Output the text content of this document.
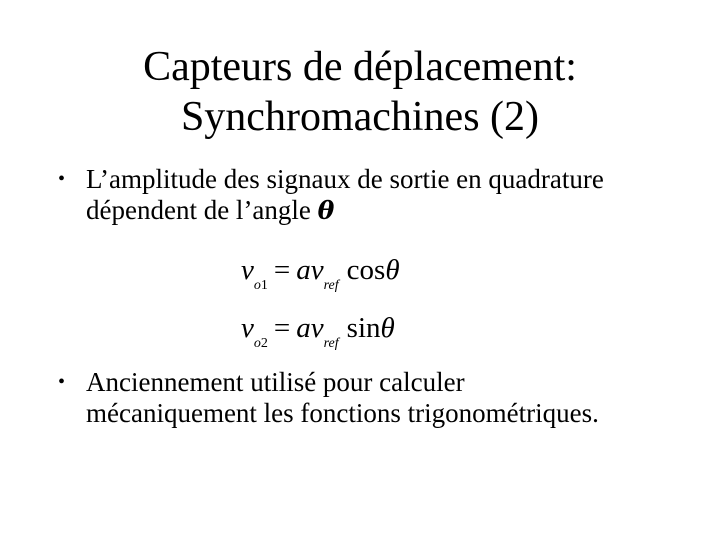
Capteurs de déplacement:
Synchromachines (2)
• L’amplitude des signaux de sortie en quadrature dépendent de l’angle θ
$v_{o1} = av_{ref}$ cosθ
$v_{o2} = av_{ref}$ sinθ
• Anciennement utilisé pour calculer mécaniquement les fonctions trigonométriques.
